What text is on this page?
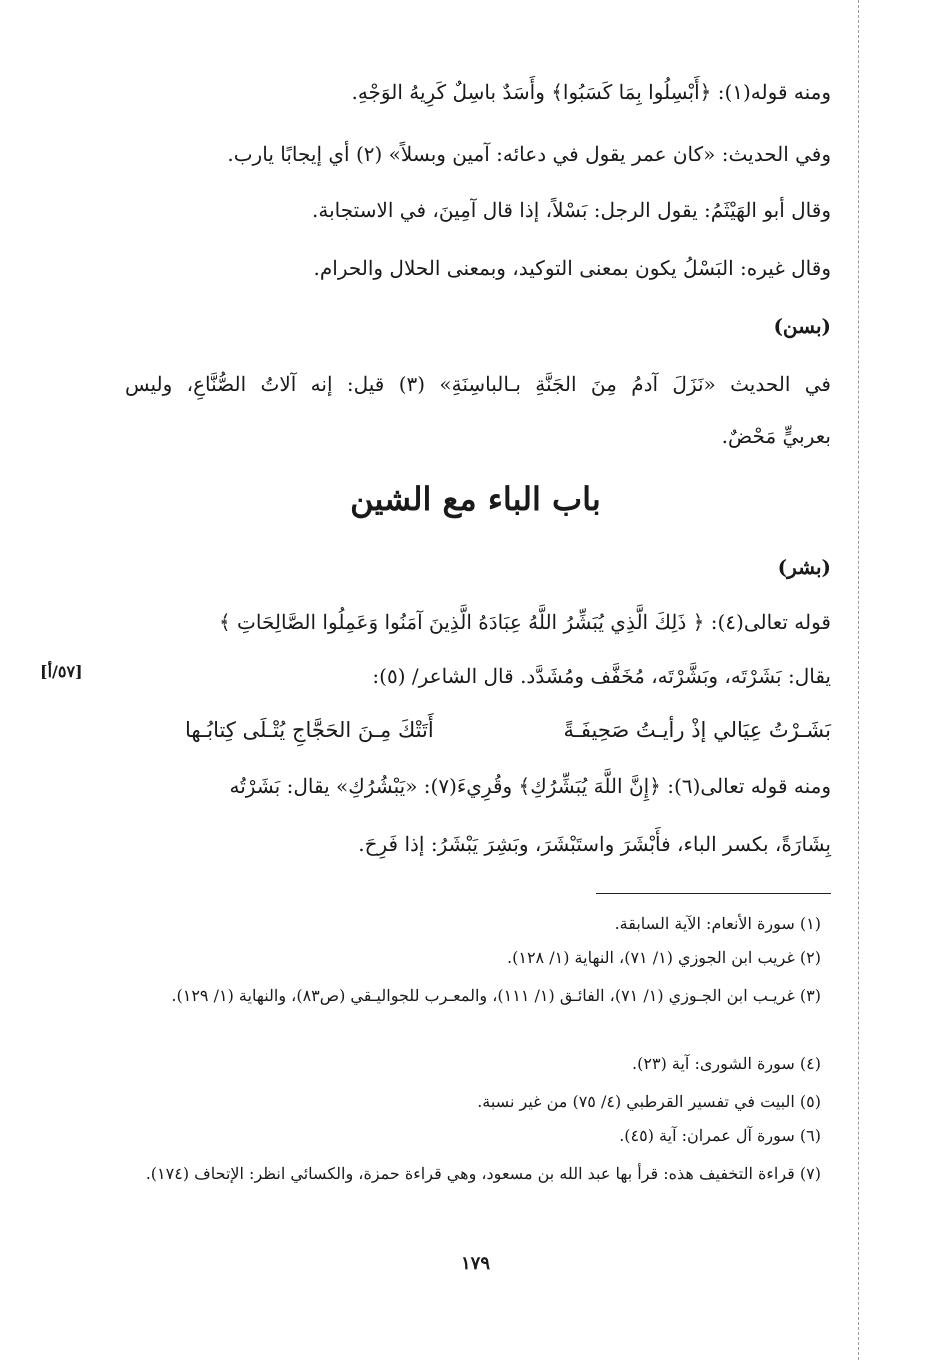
ومنه قوله(١): ﴿أَبْسِلُوا بِمَا كَسَبُوا﴾ وأَسَدٌ باسِلٌ كَرِيهُ الوَجْهِ.
وفي الحديث: «كان عمر يقول في دعائه: آمين وبسلاً» (٢) أي إيجابًا يارب.
وقال أبو الهَيْثَمُ: يقول الرجل: بَسْلاً، إذا قال آمِينَ، في الاستجابة.
وقال غيره: البَسْلُ يكون بمعنى التوكيد، وبمعنى الحلال والحرام.
(بسن)
في الحديث «نَزَلَ آدمُ مِنَ الجَنَّةِ بـالباسِنَةِ» (٣) قيل: إنه آلاتُ الصُّنَّاعِ، وليس
بعربيٍّ مَحْضٌ.
باب الباء مع الشين
(بشر)
قوله تعالى(٤): ﴿ ذَلِكَ الَّذِي يُبَشِّرُ اللَّهُ عِبَادَهُ الَّذِينَ آمَنُوا وَعَمِلُوا الصَّالِحَاتِ ﴾
يقال: بَشَرْتَه، وبَشَّرْتَه، مُخَفَّف ومُشَدَّد. قال الشاعر/ (٥):
[٥٧/أ]
بَشَـرْتُ عِيَالي إذْ رأيـتُ صَحِيفَـةً
أَتَتْكَ مِـنَ الحَجَّاجِ يُتْـلَى كِتابُـها
ومنه قوله تعالى(٦): ﴿إِنَّ اللَّهَ يُبَشِّرُكِ﴾ وقُرِيءَ(٧): «يَبْشُرُكِ» يقال: بَشَرْتُه
بِشَارَةً، بكسر الباء، فأَبْشَرَ واستَبْشَرَ، وبَشِرَ يَبْشَرُ: إذا فَرِحَ.
(١) سورة الأنعام: الآية السابقة.
(٢) غريب ابن الجوزي (١/ ٧١)، النهاية (١/ ١٢٨).
(٣) غريـب ابن الجـوزي (١/ ٧١)، الفائـق (١/ ١١١)، والمعـرب للجواليـقي (ص٨٣)، والنهاية (١/ ١٢٩).
(٤) سورة الشورى: آية (٢٣).
(٥) البيت في تفسير القرطبي (٤/ ٧٥) من غير نسبة.
(٦) سورة آل عمران: آية (٤٥).
(٧) قراءة التخفيف هذه: قرأ بها عبد الله بن مسعود، وهي قراءة حمزة، والكسائي انظر: الإتحاف (١٧٤).
١٧٩
